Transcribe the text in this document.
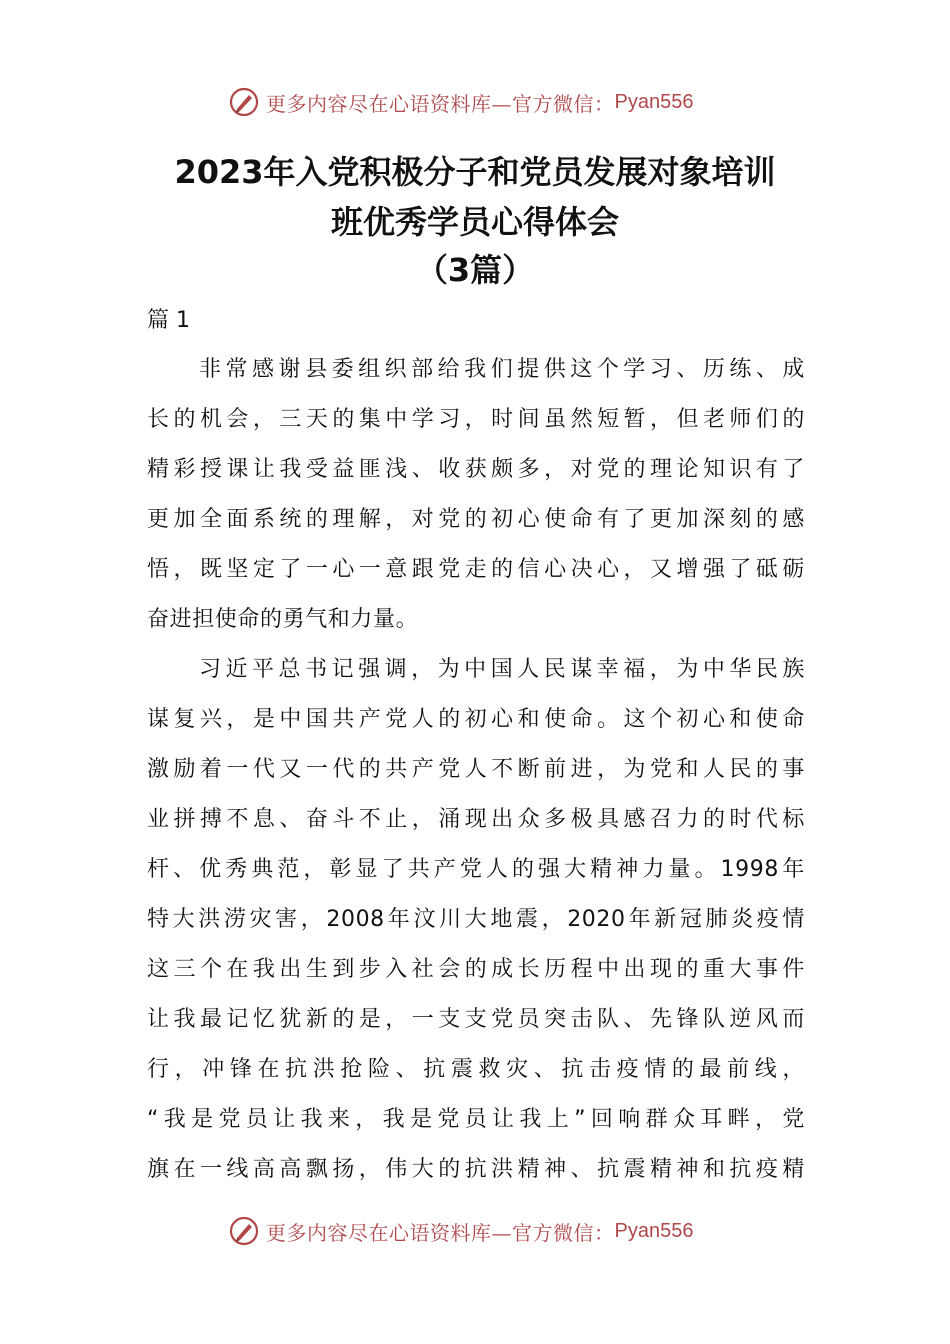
更多内容尽在心语资料库—官方微信： Pyan556
2023年入党积极分子和党员发展对象培训
班优秀学员心得体会
（3篇）
篇 1
非常感谢县委组织部给我们提供这个学习、历练、成
长的机会，三天的集中学习，时间虽然短暂，但老师们的
精彩授课让我受益匪浅、收获颇多，对党的理论知识有了
更加全面系统的理解，对党的初心使命有了更加深刻的感
悟，既坚定了一心一意跟党走的信心决心，又增强了砥砺
奋进担使命的勇气和力量。
习近平总书记强调，为中国人民谋幸福，为中华民族
谋复兴，是中国共产党人的初心和使命。这个初心和使命
激励着一代又一代的共产党人不断前进，为党和人民的事
业拼搏不息、奋斗不止，涌现出众多极具感召力的时代标
杆、优秀典范，彰显了共产党人的强大精神力量。1998年
特大洪涝灾害，2008年汶川大地震，2020年新冠肺炎疫情
这三个在我出生到步入社会的成长历程中出现的重大事件
让我最记忆犹新的是，一支支党员突击队、先锋队逆风而
行，冲锋在抗洪抢险、抗震救灾、抗击疫情的最前线，
“我是党员让我来，我是党员让我上”回响群众耳畔，党
旗在一线高高飘扬，伟大的抗洪精神、抗震精神和抗疫精
更多内容尽在心语资料库—官方微信： Pyan556
